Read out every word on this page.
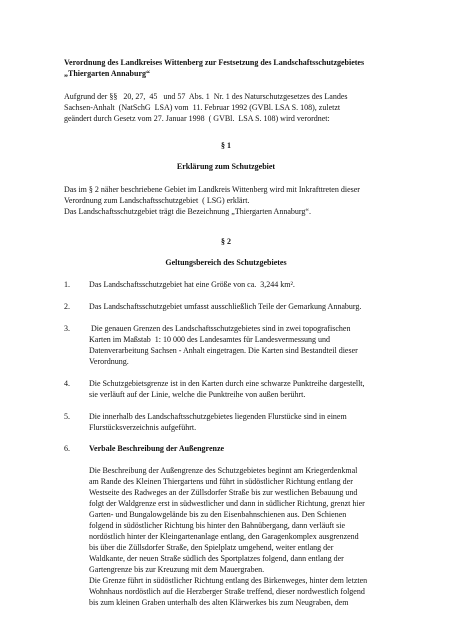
Verordnung des Landkreises Wittenberg zur Festsetzung des Landschaftsschutzgebietes

„Thiergarten Annaburg“

Aufgrund der §§   20, 27,  45   und 57  Abs. 1  Nr. 1 des Naturschutzgesetzes des Landes

Sachsen-Anhalt  (NatSchG  LSA) vom  11. Februar 1992 (GVBl. LSA S. 108), zuletzt

geändert durch Gesetz vom 27. Januar 1998  ( GVBl.  LSA S. 108) wird verordnet:

§ 1

Erklärung zum Schutzgebiet

Das im § 2 näher beschriebene Gebiet im Landkreis Wittenberg wird mit Inkrafttreten dieser

Verordnung zum Landschaftsschutzgebiet  ( LSG) erklärt.

Das Landschaftsschutzgebiet trägt die Bezeichnung „Thiergarten Annaburg“.

§ 2

Geltungsbereich des Schutzgebietes

1. Das Landschaftsschutzgebiet hat eine Größe von ca.  3,244 km².

2. Das Landschaftsschutzgebiet umfasst ausschließlich Teile der Gemarkung Annaburg.

3. Die genauen Grenzen des Landschaftsschutzgebietes sind in zwei topografischen

Karten im Maßstab  1: 10 000 des Landesamtes für Landesvermessung und

Datenverarbeitung Sachsen - Anhalt eingetragen. Die Karten sind Bestandteil dieser

Verordnung.

4. Die Schutzgebietsgrenze ist in den Karten durch eine schwarze Punktreihe dargestellt,

sie verläuft auf der Linie, welche die Punktreihe von außen berührt.

5. Die innerhalb des Landschaftsschutzgebietes liegenden Flurstücke sind in einem

Flurstücksverzeichnis aufgeführt.

6. Verbale Beschreibung der Außengrenze

Die Beschreibung der Außengrenze des Schutzgebietes beginnt am Kriegerdenkmal

am Rande des Kleinen Thiergartens und führt in südöstlicher Richtung entlang der

Westseite des Radweges an der Züllsdorfer Straße bis zur westlichen Bebauung und

folgt der Waldgrenze erst in südwestlicher und dann in südlicher Richtung, grenzt hier

Garten- und Bungalowgelände bis zu den Eisenbahnschienen aus. Den Schienen

folgend in südöstlicher Richtung bis hinter den Bahnübergang, dann verläuft sie

nordöstlich hinter der Kleingartenanlage entlang, den Garagenkomplex ausgrenzend

bis über die Züllsdorfer Straße, den Spielplatz umgehend, weiter entlang der

Waldkante, der neuen Straße südlich des Sportplatzes folgend, dann entlang der

Gartengrenze bis zur Kreuzung mit dem Mauergraben.

Die Grenze führt in südöstlicher Richtung entlang des Birkenweges, hinter dem letzten

Wohnhaus nordöstlich auf die Herzberger Straße treffend, dieser nordwestlich folgend

bis zum kleinen Graben unterhalb des alten Klärwerkes bis zum Neugraben, dem
